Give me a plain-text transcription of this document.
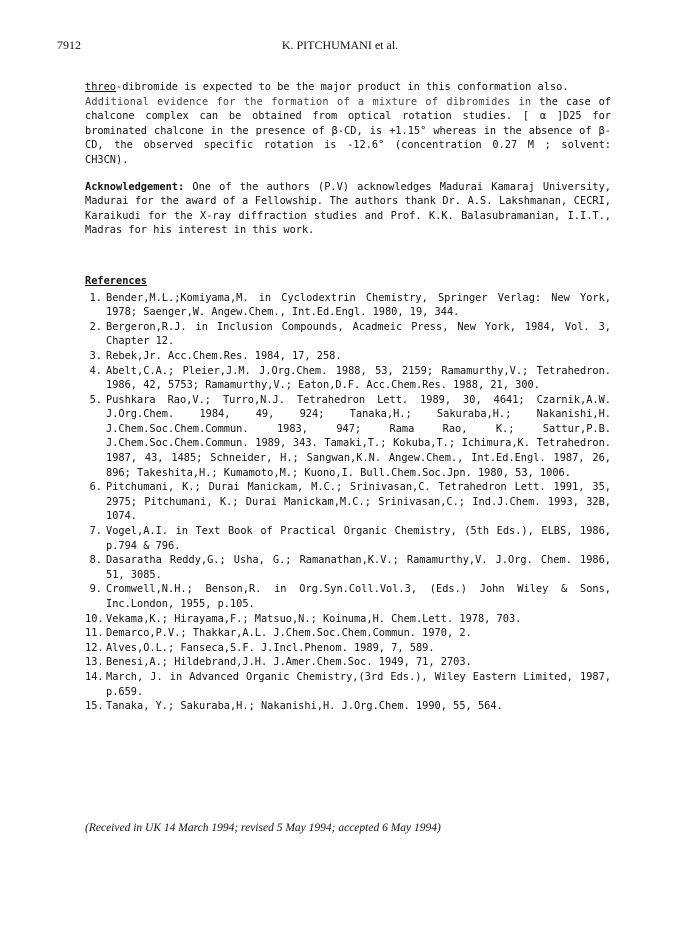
7912	K. PITCHUMANI et al.

threo-dibromide is expected to be the major product in this conformation also.

Additional evidence for the formation of a mixture of dibromides in the case of chalcone complex can be obtained from optical rotation studies. [ α ]D25 for brominated chalcone in the presence of β-CD, is +1.15° whereas in the absence of β-CD, the observed specific rotation is -12.6° (concentration 0.27 M ; solvent: CH3CN).

Acknowledgement: One of the authors (P.V) acknowledges Madurai Kamaraj University, Madurai for the award of a Fellowship. The authors thank Dr. A.S. Lakshmanan, CECRI, Karaikudi for the X-ray diffraction studies and Prof. K.K. Balasubramanian, I.I.T., Madras for his interest in this work.

References
1. Bender,M.L.;Komiyama,M. in Cyclodextrin Chemistry, Springer Verlag: New York, 1978; Saenger,W. Angew.Chem., Int.Ed.Engl. 1980, 19, 344.
2. Bergeron,R.J. in Inclusion Compounds, Acadmeic Press, New York, 1984, Vol. 3, Chapter 12.
3. Rebek,Jr. Acc.Chem.Res. 1984, 17, 258.
4. Abelt,C.A.; Pleier,J.M. J.Org.Chem. 1988, 53, 2159; Ramamurthy,V.; Tetrahedron. 1986, 42, 5753; Ramamurthy,V.; Eaton,D.F. Acc.Chem.Res. 1988, 21, 300.
5. Pushkara Rao,V.; Turro,N.J. Tetrahedron Lett. 1989, 30, 4641; Czarnik,A.W. J.Org.Chem. 1984, 49, 924; Tanaka,H.; Sakuraba,H.; Nakanishi,H. J.Chem.Soc.Chem.Commun. 1983, 947; Rama Rao, K.; Sattur,P.B. J.Chem.Soc.Chem.Commun. 1989, 343. Tamaki,T.; Kokuba,T.; Ichimura,K. Tetrahedron. 1987, 43, 1485; Schneider, H.; Sangwan,K.N. Angew.Chem., Int.Ed.Engl. 1987, 26, 896; Takeshita,H.; Kumamoto,M.; Kuono,I. Bull.Chem.Soc.Jpn. 1980, 53, 1006.
6. Pitchumani, K.; Durai Manickam, M.C.; Srinivasan,C. Tetrahedron Lett. 1991, 35, 2975; Pitchumani, K.; Durai Manickam,M.C.; Srinivasan,C.; Ind.J.Chem. 1993, 32B, 1074.
7. Vogel,A.I. in Text Book of Practical Organic Chemistry, (5th Eds.), ELBS, 1986, p.794 & 796.
8. Dasaratha Reddy,G.; Usha, G.; Ramanathan,K.V.; Ramamurthy,V. J.Org. Chem. 1986, 51, 3085.
9. Cromwell,N.H.; Benson,R. in Org.Syn.Coll.Vol.3, (Eds.) John Wiley & Sons, Inc.London, 1955, p.105.
10. Vekama,K.; Hirayama,F.; Matsuo,N.; Koinuma,H. Chem.Lett. 1978, 703.
11. Demarco,P.V.; Thakkar,A.L. J.Chem.Soc.Chem.Commun. 1970, 2.
12. Alves,O.L.; Fanseca,S.F. J.Incl.Phenom. 1989, 7, 589.
13. Benesi,A.; Hildebrand,J.H. J.Amer.Chem.Soc. 1949, 71, 2703.
14. March, J. in Advanced Organic Chemistry,(3rd Eds.), Wiley Eastern Limited, 1987, p.659.
15. Tanaka, Y.; Sakuraba,H.; Nakanishi,H. J.Org.Chem. 1990, 55, 564.
(Received in UK 14 March 1994; revised 5 May 1994; accepted 6 May 1994)
